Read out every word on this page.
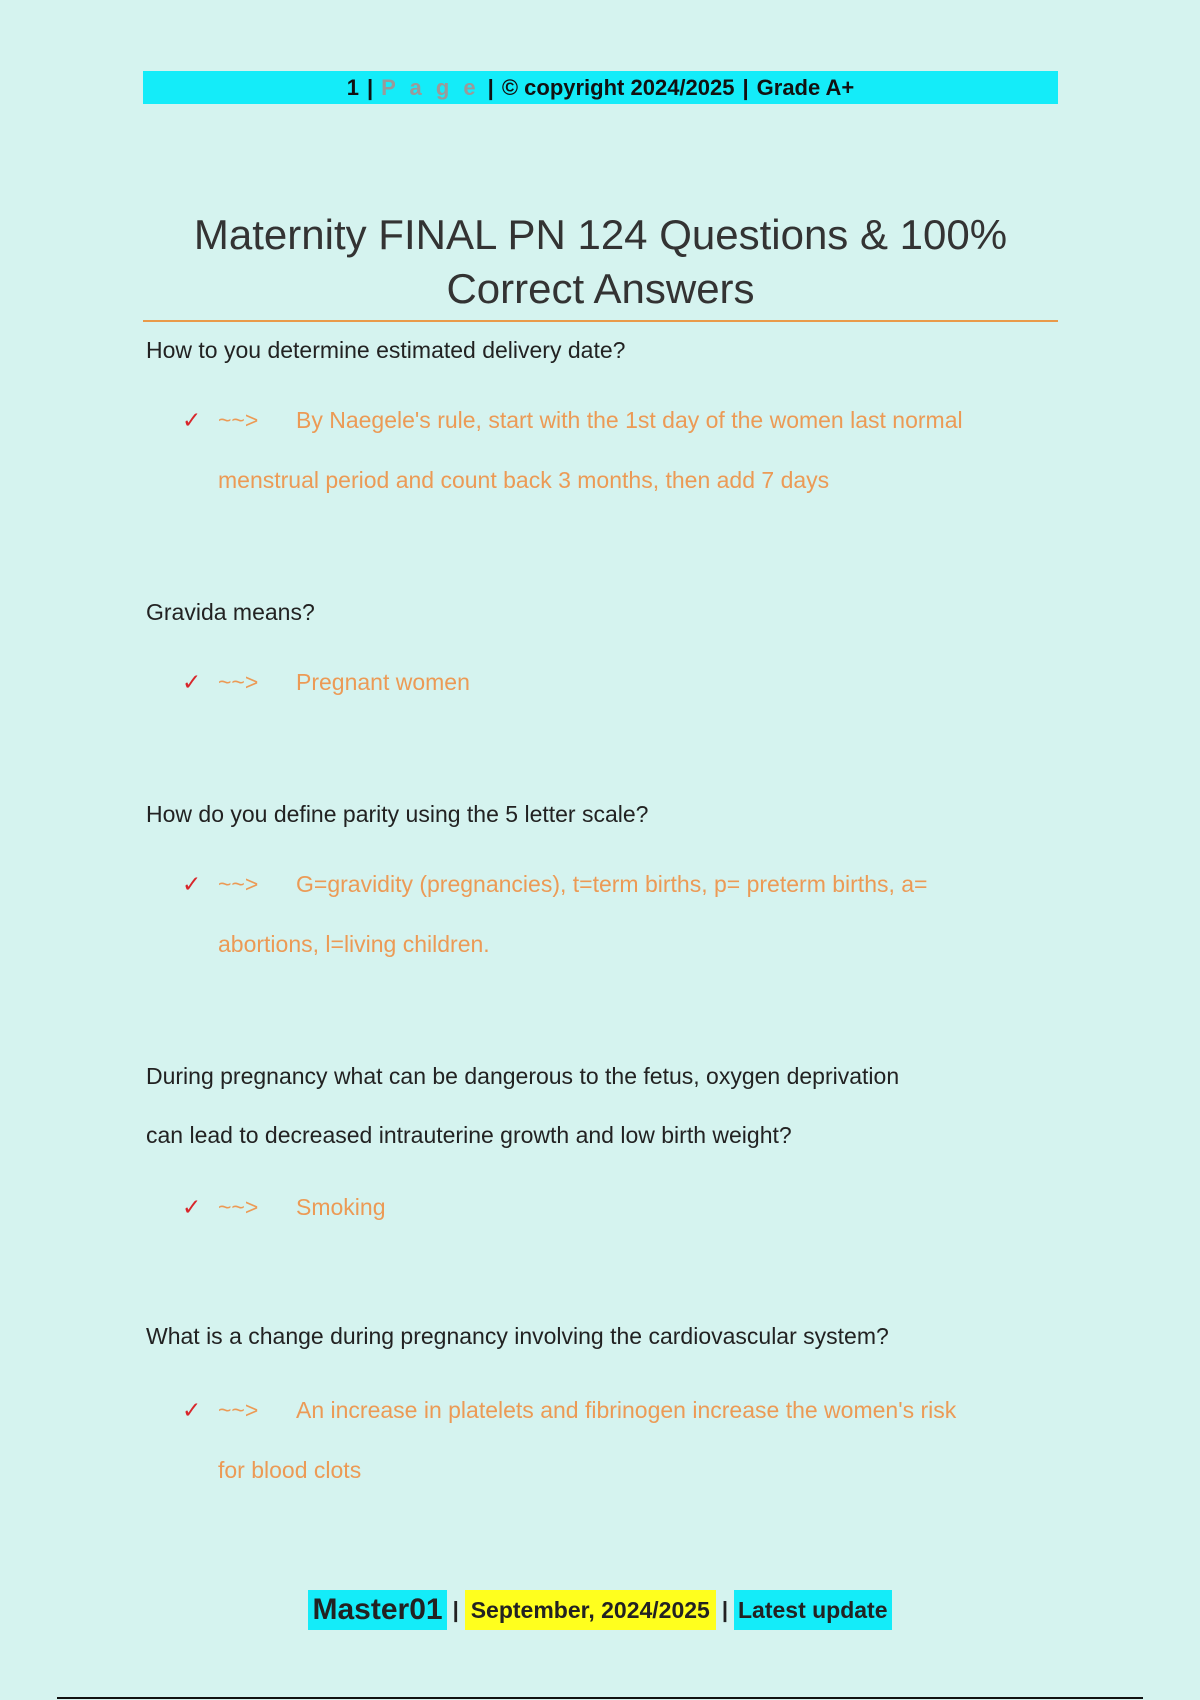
1 | P a g e | © copyright 2024/2025 | Grade A+
Maternity FINAL PN 124 Questions & 100%
Correct Answers
How to you determine estimated delivery date?
✓ ~~> By Naegele's rule, start with the 1st day of the women last normal
menstrual period and count back 3 months, then add 7 days
Gravida means?
✓ ~~> Pregnant women
How do you define parity using the 5 letter scale?
✓ ~~> G=gravidity (pregnancies), t=term births, p= preterm births, a=
abortions, l=living children.
During pregnancy what can be dangerous to the fetus, oxygen deprivation
can lead to decreased intrauterine growth and low birth weight?
✓ ~~> Smoking
What is a change during pregnancy involving the cardiovascular system?
✓ ~~> An increase in platelets and fibrinogen increase the women's risk
for blood clots
Master01 | September, 2024/2025 | Latest update
